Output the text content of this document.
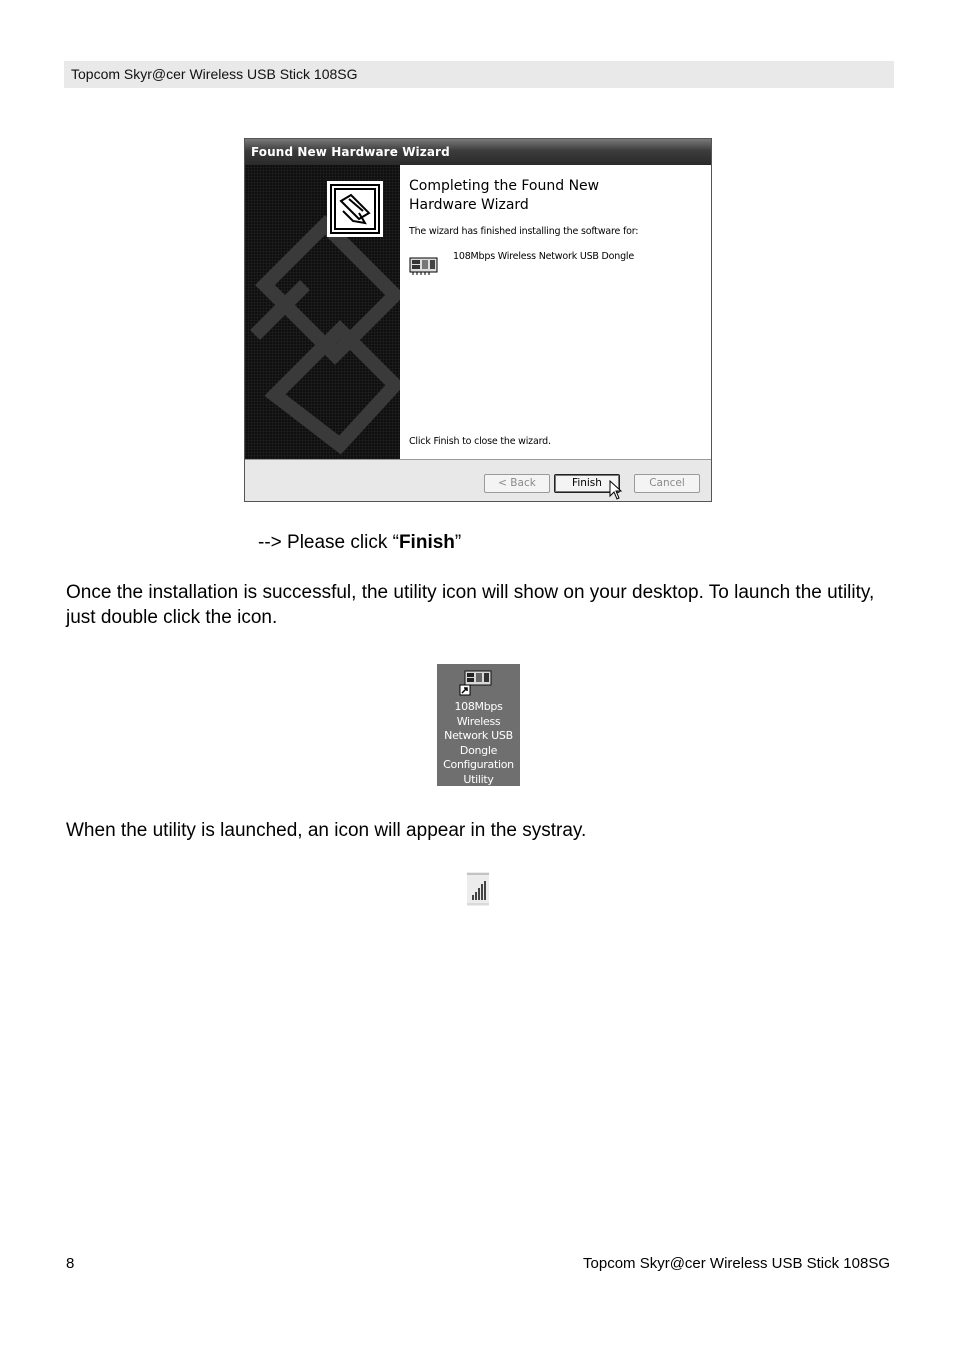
Topcom Skyr@cer Wireless USB Stick 108SG
Found New Hardware Wizard
Completing the Found New Hardware Wizard
The wizard has finished installing the software for:
108Mbps Wireless Network USB Dongle
Click Finish to close the wizard.
< Back	Finish	Cancel
--> Please click “Finish”
Once the installation is successful, the utility icon will show on your desktop. To launch the utility, just double click the icon.
108Mbps
Wireless
Network USB
Dongle
Configuration
Utility
When the utility is launched, an icon will appear in the systray.
8	Topcom Skyr@cer Wireless USB Stick 108SG
